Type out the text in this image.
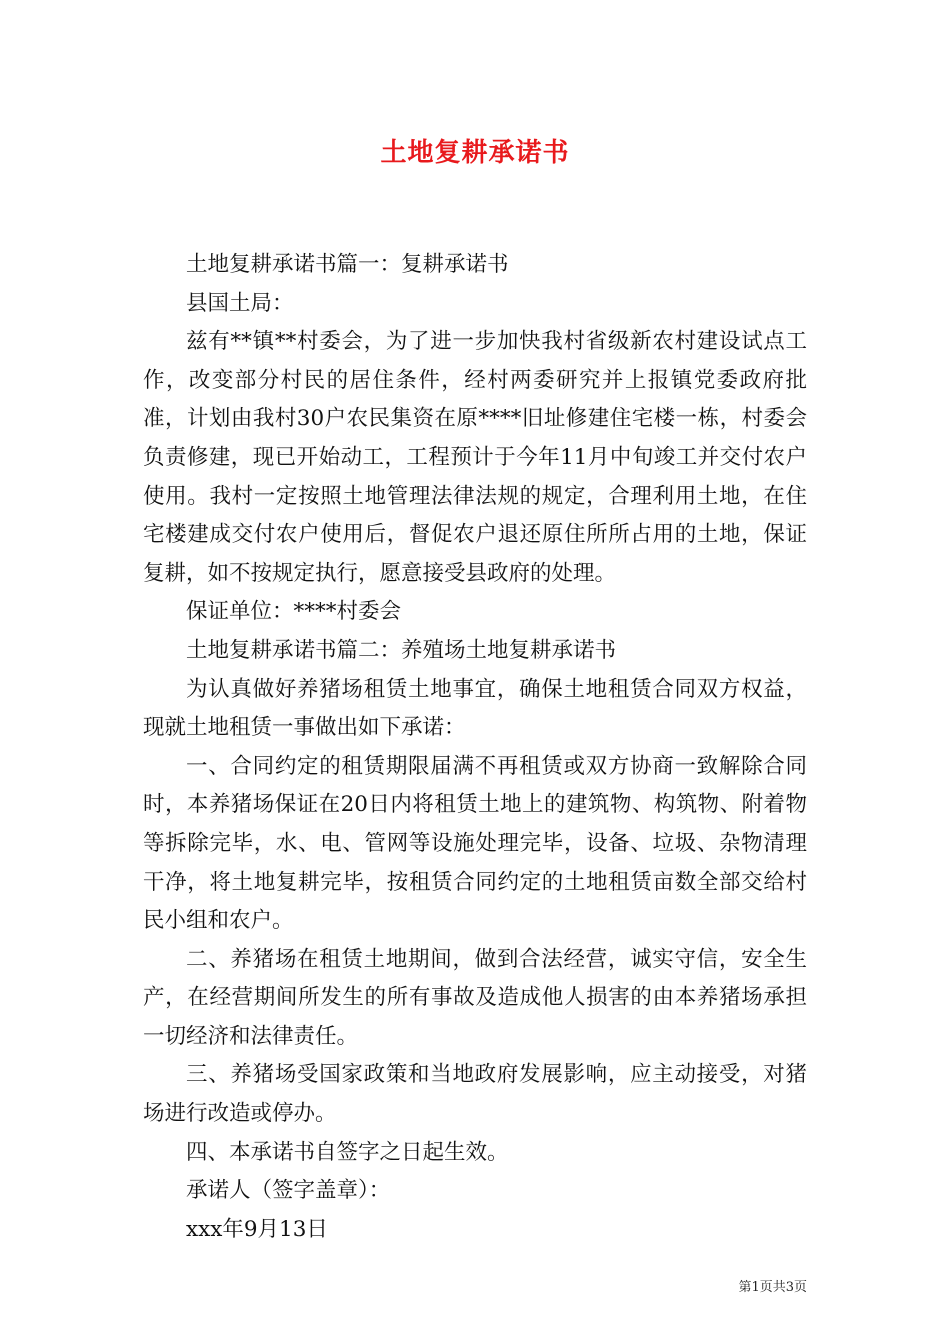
土地复耕承诺书

土地复耕承诺书篇一：复耕承诺书

县国土局：

兹有**镇**村委会，为了进一步加快我村省级新农村建设试点工作，改变部分村民的居住条件，经村两委研究并上报镇党委政府批准，计划由我村30户农民集资在原****旧址修建住宅楼一栋，村委会负责修建，现已开始动工，工程预计于今年11月中旬竣工并交付农户使用。我村一定按照土地管理法律法规的规定，合理利用土地，在住宅楼建成交付农户使用后，督促农户退还原住所所占用的土地，保证复耕，如不按规定执行，愿意接受县政府的处理。

保证单位：****村委会

土地复耕承诺书篇二：养殖场土地复耕承诺书

为认真做好养猪场租赁土地事宜，确保土地租赁合同双方权益，现就土地租赁一事做出如下承诺：

一、合同约定的租赁期限届满不再租赁或双方协商一致解除合同时，本养猪场保证在20日内将租赁土地上的建筑物、构筑物、附着物等拆除完毕，水、电、管网等设施处理完毕，设备、垃圾、杂物清理干净，将土地复耕完毕，按租赁合同约定的土地租赁亩数全部交给村民小组和农户。

二、养猪场在租赁土地期间，做到合法经营，诚实守信，安全生产，在经营期间所发生的所有事故及造成他人损害的由本养猪场承担一切经济和法律责任。

三、养猪场受国家政策和当地政府发展影响，应主动接受，对猪场进行改造或停办。

四、本承诺书自签字之日起生效。

承诺人（签字盖章）：

xxx年9月13日

第1页共3页
